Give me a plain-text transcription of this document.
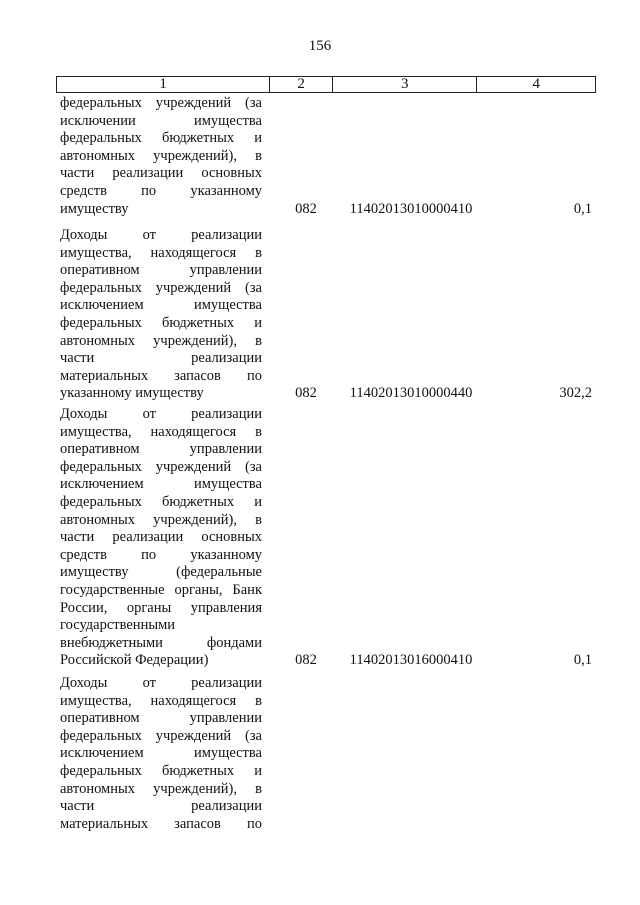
156
1	2	3	4
федеральных учреждений (за
исключении имущества
федеральных бюджетных и
автономных учреждений), в
части реализации основных
средств по указанному
имуществу	082	11402013010000410	0,1
Доходы от реализации
имущества, находящегося в
оперативном управлении
федеральных учреждений (за
исключением имущества
федеральных бюджетных и
автономных учреждений), в
части реализации
материальных запасов по
указанному имуществу	082	11402013010000440	302,2
Доходы от реализации
имущества, находящегося в
оперативном управлении
федеральных учреждений (за
исключением имущества
федеральных бюджетных и
автономных учреждений), в
части реализации основных
средств по указанному
имуществу (федеральные
государственные органы, Банк
России, органы управления
государственными
внебюджетными фондами
Российской Федерации)	082	11402013016000410	0,1
Доходы от реализации
имущества, находящегося в
оперативном управлении
федеральных учреждений (за
исключением имущества
федеральных бюджетных и
автономных учреждений), в
части реализации
материальных запасов по
